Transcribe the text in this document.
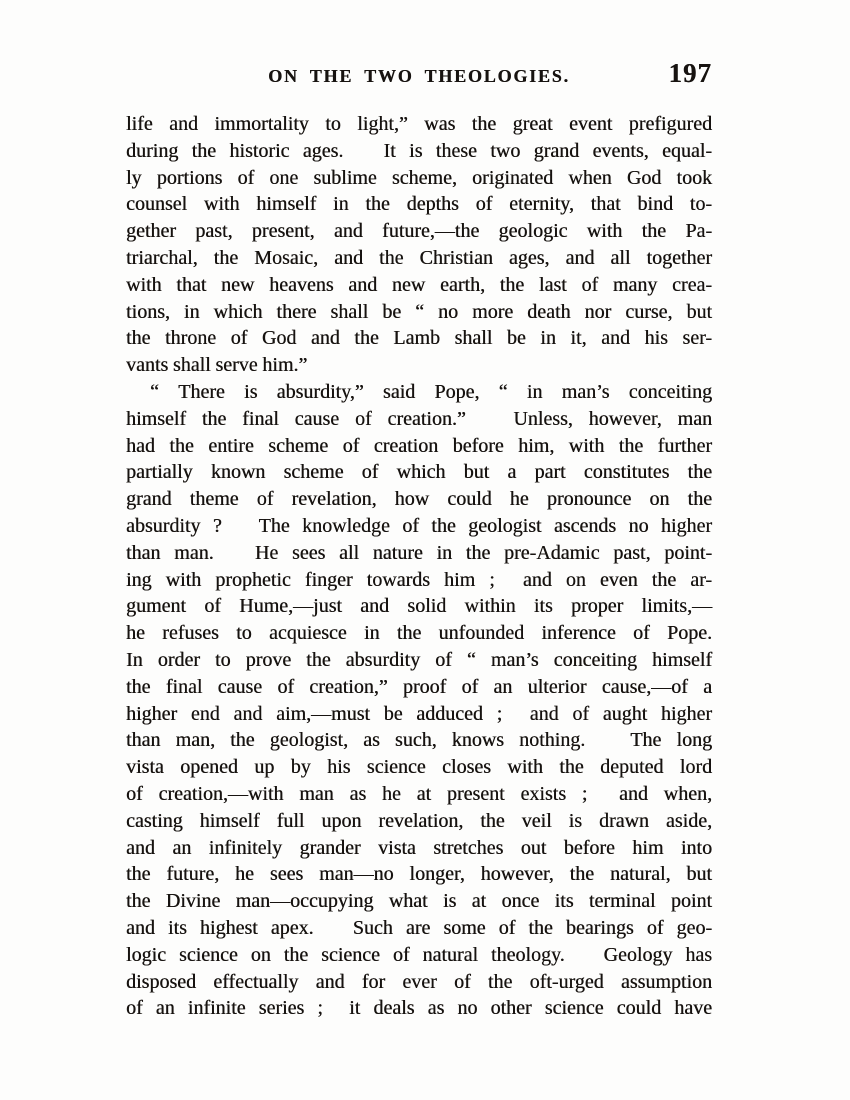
ON THE TWO THEOLOGIES.	197
life and immortality to light,” was the great event prefigured
during the historic ages.   It is these two grand events, equal-
ly portions of one sublime scheme, originated when God took
counsel with himself in the depths of eternity, that bind to-
gether past, present, and future,—the geologic with the Pa-
triarchal, the Mosaic, and the Christian ages, and all together
with that new heavens and new earth, the last of many crea-
tions, in which there shall be “ no more death nor curse, but
the throne of God and the Lamb shall be in it, and his ser-
vants shall serve him.”
“ There is absurdity,” said Pope, “ in man’s conceiting
himself the final cause of creation.”   Unless, however, man
had the entire scheme of creation before him, with the further
partially known scheme of which but a part constitutes the
grand theme of revelation, how could he pronounce on the
absurdity ?   The knowledge of the geologist ascends no higher
than man.   He sees all nature in the pre-Adamic past, point-
ing with prophetic finger towards him ;  and on even the ar-
gument of Hume,—just and solid within its proper limits,—
he refuses to acquiesce in the unfounded inference of Pope.
In order to prove the absurdity of “ man’s conceiting himself
the final cause of creation,” proof of an ulterior cause,—of a
higher end and aim,—must be adduced ;  and of aught higher
than man, the geologist, as such, knows nothing.   The long
vista opened up by his science closes with the deputed lord
of creation,—with man as he at present exists ;  and when,
casting himself full upon revelation, the veil is drawn aside,
and an infinitely grander vista stretches out before him into
the future, he sees man—no longer, however, the natural, but
the Divine man—occupying what is at once its terminal point
and its highest apex.   Such are some of the bearings of geo-
logic science on the science of natural theology.   Geology has
disposed effectually and for ever of the oft-urged assumption
of an infinite series ;  it deals as no other science could have
